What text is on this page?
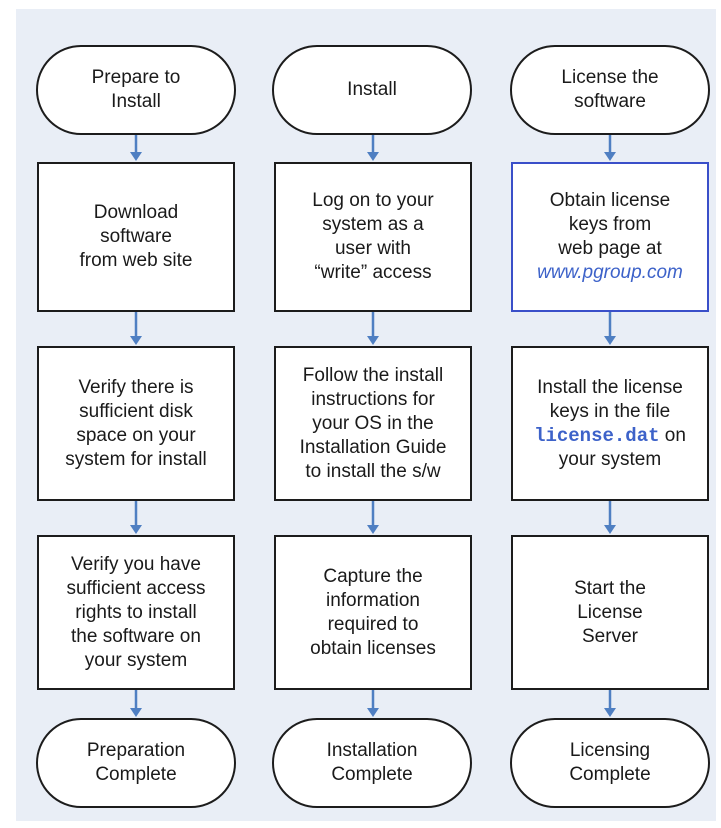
Prepare to
Install
Download
software
from web site
Verify there is
sufficient disk
space on your
system for install
Verify you have
sufficient access
rights to install
the software on
your system
Preparation
Complete
Install
Log on to your
system as a
user with
“write” access
Follow the install
instructions for
your OS in the
Installation Guide
to install the s/w
Capture the
information
required to
obtain licenses
Installation
Complete
License the
software
Obtain license
keys from
web page at
www.pgroup.com
Install the license
keys in the file
license.dat on
your system
Start the
License
Server
Licensing
Complete
